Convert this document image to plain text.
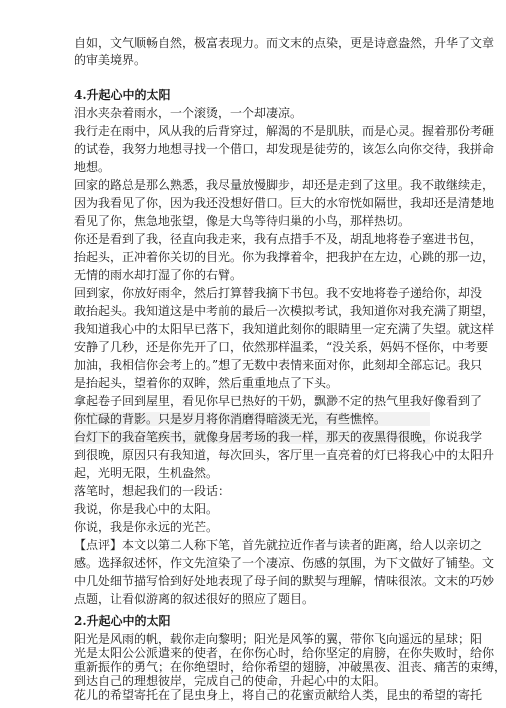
自如，文气顺畅自然，极富表现力。而文末的点染，更是诗意盎然，升华了文章
的审美境界。
4.升起心中的太阳
泪水夹杂着雨水，一个滚烫，一个却凄凉。
我行走在雨中，风从我的后背穿过，解渴的不是肌肤，而是心灵。握着那份考砸
的试卷，我努力地想寻找一个借口，却发现是徒劳的，该怎么向你交待，我拼命
地想。
回家的路总是那么熟悉，我尽量放慢脚步，却还是走到了这里。我不敢继续走，
因为我看见了你，因为我还没想好借口。巨大的水帘恍如隔世，我却还是清楚地
看见了你，焦急地张望，像是大鸟等待归巢的小鸟，那样热切。
你还是看到了我，径直向我走来，我有点措手不及，胡乱地将卷子塞进书包，
抬起头，正冲着你关切的目光。你为我撑着伞，把我护在左边，心跳的那一边，
无情的雨水却打湿了你的右臂。
回到家，你放好雨伞，然后打算替我摘下书包。我不安地将卷子递给你，却没
敢抬起头。我知道这是中考前的最后一次模拟考试，我知道你对我充满了期望，
我知道我心中的太阳早已落下，我知道此刻你的眼睛里一定充满了失望。就这样
安静了几秒，还是你先开了口，依然那样温柔，“没关系，妈妈不怪你，中考要
加油，我相信你会考上的。”想了无数中表情来面对你，此刻却全部忘记。我只
是抬起头，望着你的双眸，然后重重地点了下头。
拿起卷子回到屋里，看见你早已热好的干奶，飘渺不定的热气里我好像看到了
你忙碌的背影。只是岁月将你消磨得暗淡无光，有些憔悴。
台灯下的我奋笔疾书，就像身居考场的我一样，那天的夜黑得很晚，你说我学
到很晚，原因只有我知道，每次回头，客厅里一直亮着的灯已将我心中的太阳升
起，光明无限，生机盎然。
落笔时，想起我们的一段话：
我说，你是我心中的太阳。
你说，我是你永远的光芒。
【点评】本文以第二人称下笔，首先就拉近作者与读者的距离，给人以亲切之
感。选择叙述怀，作文先渲染了一个凄凉、伤感的氛围，为下文做好了铺垫。文
中几处细节描写恰到好处地表现了母子间的默契与理解，情味很浓。文末的巧妙
点题，让看似游离的叙述很好的照应了题目。
2.升起心中的太阳
阳光是风雨的帆，载你走向黎明；阳光是风筝的翼，带你飞向遥远的星球；阳
光是太阳公公派遣来的使者，在你伤心时，给你坚定的肩膀，在你失败时，给你
重新振作的勇气；在你绝望时，给你希望的翅膀，冲破黑夜、沮丧、痛苦的束缚，
到达自己的理想彼岸，完成自己的使命，升起心中的太阳。
花儿的希望寄托在了昆虫身上，将自己的花蜜贡献给人类，昆虫的希望的寄托
